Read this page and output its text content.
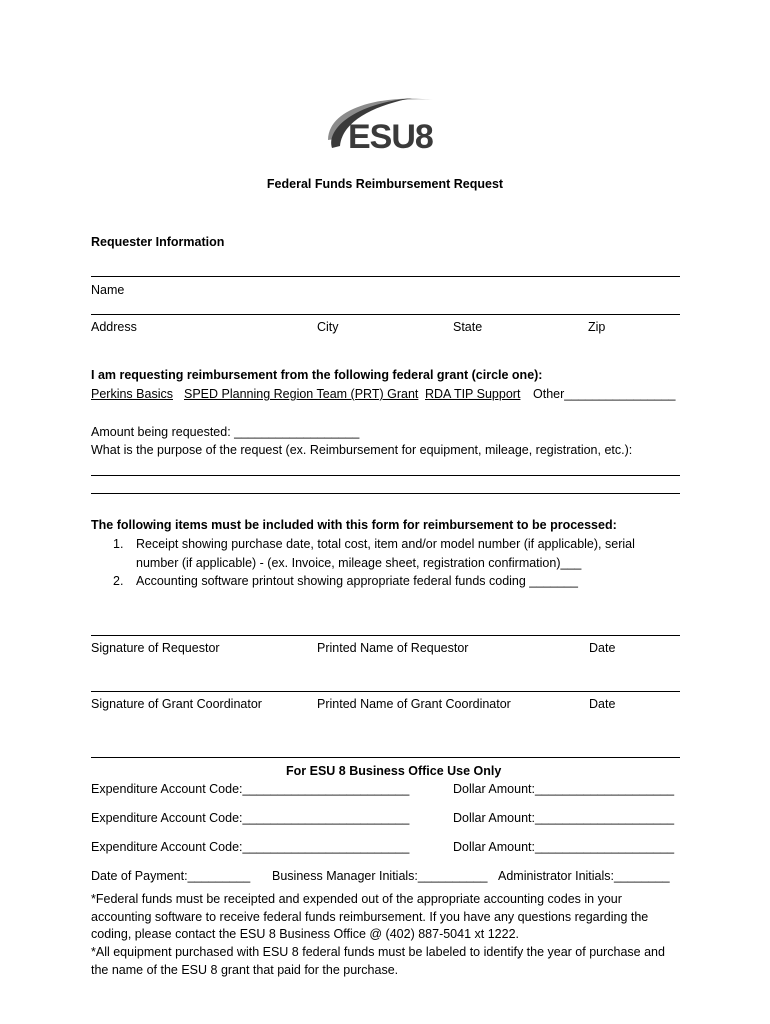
ESU8
Federal Funds Reimbursement Request
Requester Information
Name
Address	City	State	Zip
I am requesting reimbursement from the following federal grant (circle one):
Perkins Basics SPED Planning Region Team (PRT) Grant RDA TIP Support Other________________
Amount being requested: __________________
What is the purpose of the request (ex. Reimbursement for equipment, mileage, registration, etc.):
The following items must be included with this form for reimbursement to be processed:
1. Receipt showing purchase date, total cost, item and/or model number (if applicable), serial
number (if applicable) - (ex. Invoice, mileage sheet, registration confirmation)___
2. Accounting software printout showing appropriate federal funds coding _______
Signature of Requestor	Printed Name of Requestor	Date
Signature of Grant Coordinator	Printed Name of Grant Coordinator	Date
For ESU 8 Business Office Use Only
Expenditure Account Code:________________________	Dollar Amount:____________________
Expenditure Account Code:________________________	Dollar Amount:____________________
Expenditure Account Code:________________________	Dollar Amount:____________________
Date of Payment:_________ Business Manager Initials:__________ Administrator Initials:________
*Federal funds must be receipted and expended out of the appropriate accounting codes in your accounting software to receive federal funds reimbursement. If you have any questions regarding the coding, please contact the ESU 8 Business Office @ (402) 887-5041 xt 1222.
*All equipment purchased with ESU 8 federal funds must be labeled to identify the year of purchase and the name of the ESU 8 grant that paid for the purchase.
